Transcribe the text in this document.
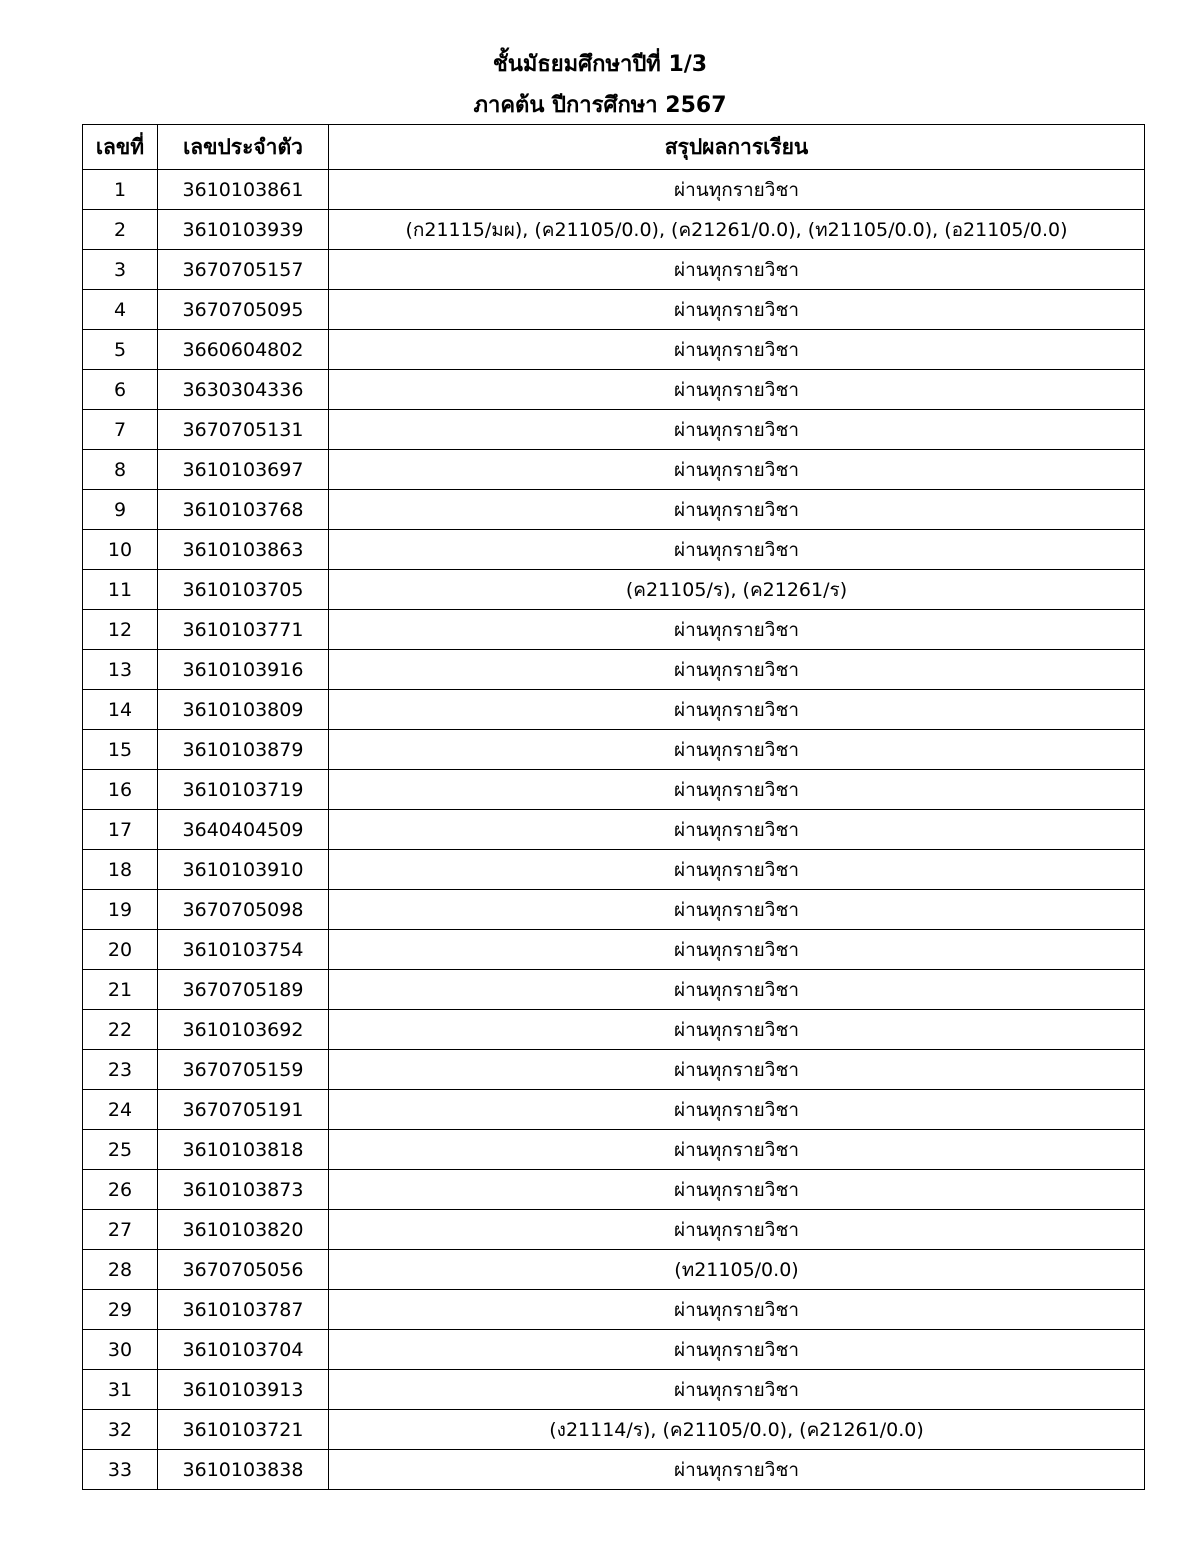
ชั้นมัธยมศึกษาปีที่ 1/3
ภาคต้น ปีการศึกษา 2567
เลขที่	เลขประจำตัว	สรุปผลการเรียน
1	3610103861	ผ่านทุกรายวิชา
2	3610103939	(ก21115/มผ), (ค21105/0.0), (ค21261/0.0), (ท21105/0.0), (อ21105/0.0)
3	3670705157	ผ่านทุกรายวิชา
4	3670705095	ผ่านทุกรายวิชา
5	3660604802	ผ่านทุกรายวิชา
6	3630304336	ผ่านทุกรายวิชา
7	3670705131	ผ่านทุกรายวิชา
8	3610103697	ผ่านทุกรายวิชา
9	3610103768	ผ่านทุกรายวิชา
10	3610103863	ผ่านทุกรายวิชา
11	3610103705	(ค21105/ร), (ค21261/ร)
12	3610103771	ผ่านทุกรายวิชา
13	3610103916	ผ่านทุกรายวิชา
14	3610103809	ผ่านทุกรายวิชา
15	3610103879	ผ่านทุกรายวิชา
16	3610103719	ผ่านทุกรายวิชา
17	3640404509	ผ่านทุกรายวิชา
18	3610103910	ผ่านทุกรายวิชา
19	3670705098	ผ่านทุกรายวิชา
20	3610103754	ผ่านทุกรายวิชา
21	3670705189	ผ่านทุกรายวิชา
22	3610103692	ผ่านทุกรายวิชา
23	3670705159	ผ่านทุกรายวิชา
24	3670705191	ผ่านทุกรายวิชา
25	3610103818	ผ่านทุกรายวิชา
26	3610103873	ผ่านทุกรายวิชา
27	3610103820	ผ่านทุกรายวิชา
28	3670705056	(ท21105/0.0)
29	3610103787	ผ่านทุกรายวิชา
30	3610103704	ผ่านทุกรายวิชา
31	3610103913	ผ่านทุกรายวิชา
32	3610103721	(ง21114/ร), (ค21105/0.0), (ค21261/0.0)
33	3610103838	ผ่านทุกรายวิชา
